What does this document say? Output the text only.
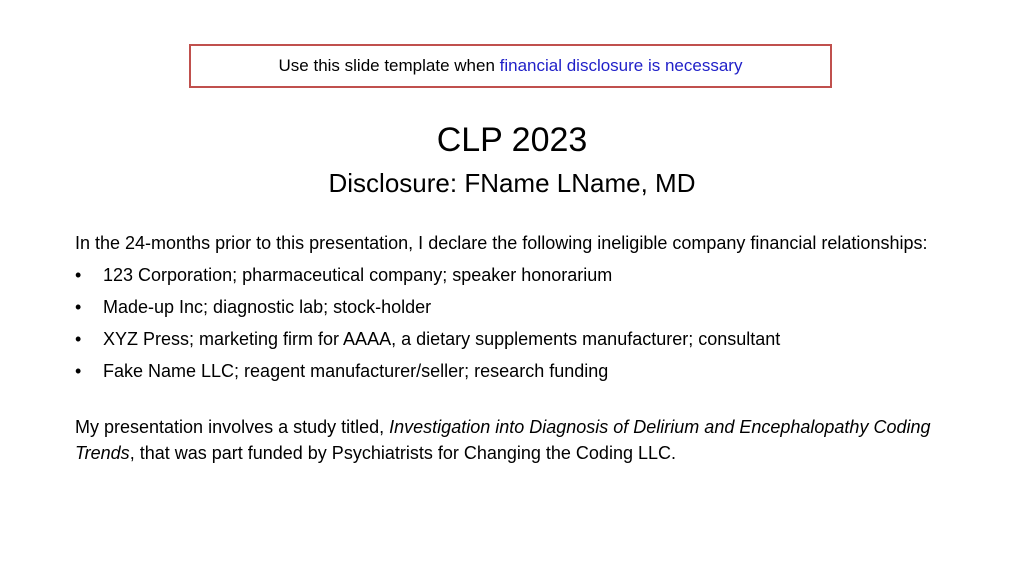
Use this slide template when financial disclosure is necessary
CLP 2023
Disclosure: FName LName, MD

In the 24-months prior to this presentation, I declare the following ineligible company financial relationships:

• 123 Corporation; pharmaceutical company; speaker honorarium
• Made-up Inc; diagnostic lab; stock-holder
• XYZ Press; marketing firm for AAAA, a dietary supplements manufacturer; consultant
• Fake Name LLC; reagent manufacturer/seller; research funding

My presentation involves a study titled, Investigation into Diagnosis of Delirium and Encephalopathy Coding Trends, that was part funded by Psychiatrists for Changing the Coding LLC.
